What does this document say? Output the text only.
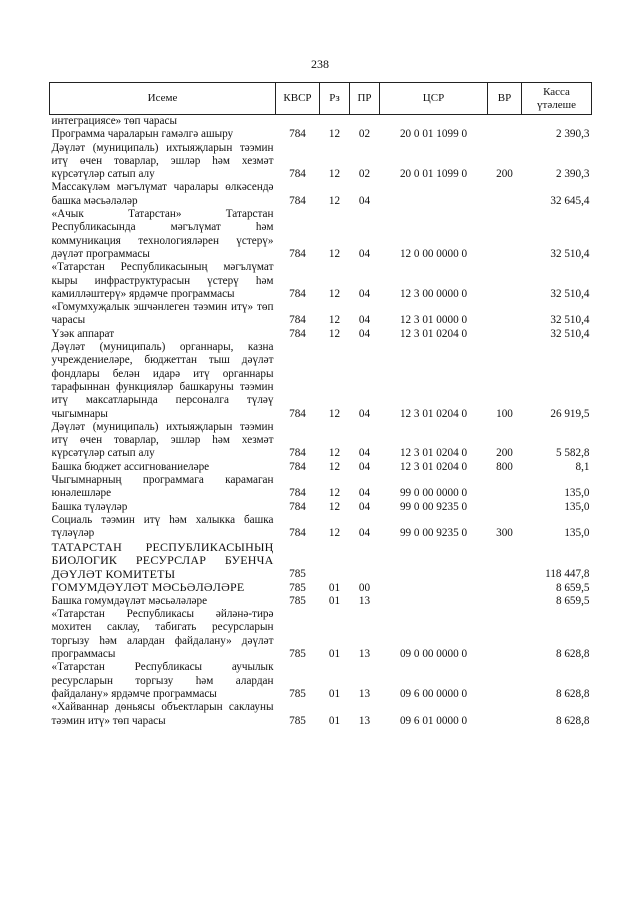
238
Исеме	КВСР	Рз	ПР	ЦСР	ВР	Касса үтәлеше
интеграциясе» төп чарасы						
Программа чараларын гамәлгә ашыру	784	12	02	20 0 01 1099 0		2 390,3
Дәүләт (муниципаль) ихтыяҗларын тәэмин итү өчен товарлар, эшләр һәм хезмәт күрсәтүләр сатып алу	784	12	02	20 0 01 1099 0	200	2 390,3
Массакүләм мәгълүмат чаралары өлкәсендә башка мәсьәләләр	784	12	04			32 645,4
«Ачык Татарстан» Татарстан Республикасында мәгълүмат һәм коммуникация технологияләрен үстерү» дәүләт программасы	784	12	04	12 0 00 0000 0		32 510,4
«Татарстан Республикасының мәгълүмат кыры инфраструктурасын үстерү һәм камилләштерү» ярдәмче программасы	784	12	04	12 3 00 0000 0		32 510,4
«Гомумхуҗалык эшчәнлеген тәэмин итү» төп чарасы	784	12	04	12 3 01 0000 0		32 510,4
Үзәк аппарат	784	12	04	12 3 01 0204 0		32 510,4
Дәүләт (муниципаль) органнары, казна учреждениеләре, бюджеттан тыш дәүләт фондлары белән идарә итү органнары тарафыннан функцияләр башкаруны тәэмин итү максатларында персоналга түләү чыгымнары	784	12	04	12 3 01 0204 0	100	26 919,5
Дәүләт (муниципаль) ихтыяҗларын тәэмин итү өчен товарлар, эшләр һәм хезмәт күрсәтүләр сатып алу	784	12	04	12 3 01 0204 0	200	5 582,8
Башка бюджет ассигнованиеләре	784	12	04	12 3 01 0204 0	800	8,1
Чыгымнарның программага карамаган юнәлешләре	784	12	04	99 0 00 0000 0		135,0
Башка түләүләр	784	12	04	99 0 00 9235 0		135,0
Социаль тәэмин итү һәм халыкка башка түләүләр	784	12	04	99 0 00 9235 0	300	135,0
ТАТАРСТАН РЕСПУБЛИКАСЫНЫҢ БИОЛОГИК РЕСУРСЛАР БУЕНЧА ДӘҮЛӘТ КОМИТЕТЫ	785					118 447,8
ГОМУМДӘҮЛӘТ МӘСЬӘЛӘЛӘРЕ	785	01	00			8 659,5
Башка гомумдәүләт мәсьәләләре	785	01	13			8 659,5
«Татарстан Республикасы әйләнә-тирә мохитен саклау, табигать ресурсларын торгызу һәм алардан файдалану» дәүләт программасы	785	01	13	09 0 00 0000 0		8 628,8
«Татарстан Республикасы аучылык ресурсларын торгызу һәм алардан файдалану» ярдәмче программасы	785	01	13	09 6 00 0000 0		8 628,8
«Хайваннар дөньясы объектларын саклауны тәэмин итү» төп чарасы	785	01	13	09 6 01 0000 0		8 628,8
